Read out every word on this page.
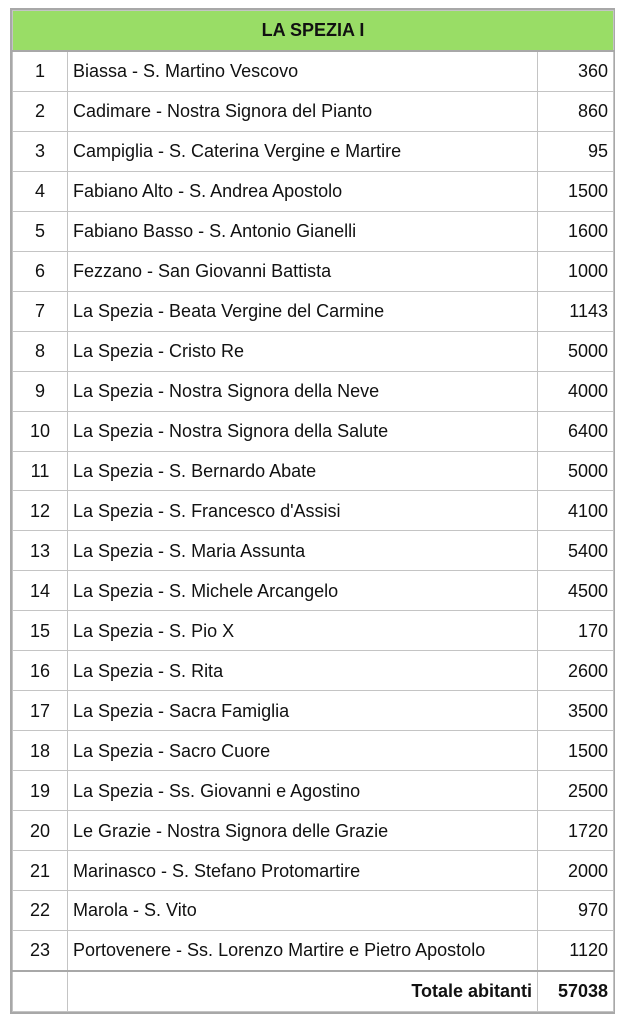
LA SPEZIA I		
1	Biassa - S. Martino Vescovo	360
2	Cadimare - Nostra Signora del Pianto	860
3	Campiglia - S. Caterina Vergine e Martire	95
4	Fabiano Alto - S. Andrea Apostolo	1500
5	Fabiano Basso - S. Antonio Gianelli	1600
6	Fezzano - San Giovanni Battista	1000
7	La Spezia - Beata Vergine del Carmine	1143
8	La Spezia - Cristo Re	5000
9	La Spezia - Nostra Signora della Neve	4000
10	La Spezia - Nostra Signora della Salute	6400
11	La Spezia - S. Bernardo Abate	5000
12	La Spezia - S. Francesco d'Assisi	4100
13	La Spezia - S. Maria Assunta	5400
14	La Spezia - S. Michele Arcangelo	4500
15	La Spezia - S. Pio X	170
16	La Spezia - S. Rita	2600
17	La Spezia - Sacra Famiglia	3500
18	La Spezia - Sacro Cuore	1500
19	La Spezia - Ss. Giovanni e Agostino	2500
20	Le Grazie - Nostra Signora delle Grazie	1720
21	Marinasco - S. Stefano Protomartire	2000
22	Marola - S. Vito	970
23	Portovenere - Ss. Lorenzo Martire e Pietro Apostolo	1120
	Totale abitanti	57038
